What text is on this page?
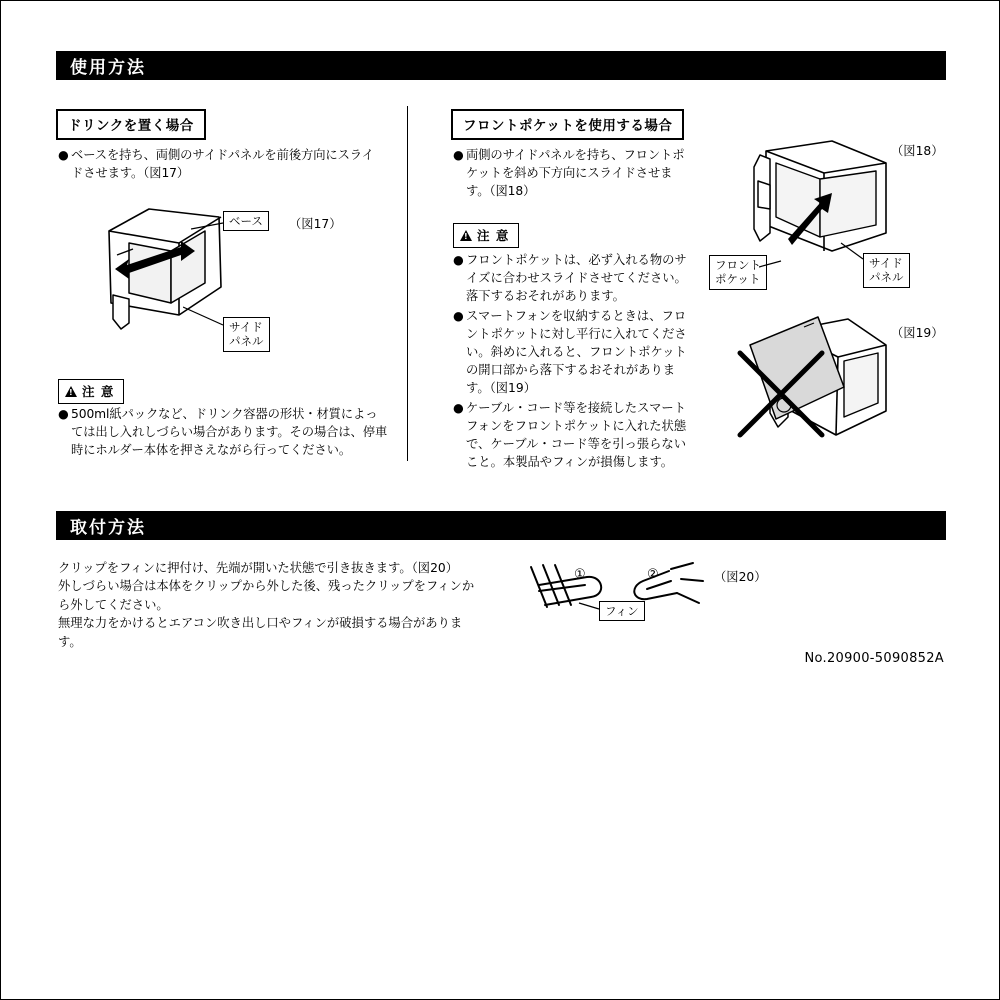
使用方法
ドリンクを置く場合
● ベースを持ち、両側のサイドパネルを前後方向にスライドさせます。（図17）
（図17）
ベース
サイド
パネル
!
注 意
● 500ml紙パックなど、ドリンク容器の形状・材質によっては出し入れしづらい場合があります。その場合は、停車時にホルダー本体を押さえながら行ってください。
フロントポケットを使用する場合
● 両側のサイドパネルを持ち、フロントポケットを斜め下方向にスライドさせます。（図18）
!
注 意
● フロントポケットは、必ず入れる物のサイズに合わせスライドさせてください。落下するおそれがあります。
● スマートフォンを収納するときは、フロントポケットに対し平行に入れてください。斜めに入れると、フロントポケットの開口部から落下するおそれがあります。（図19）
● ケーブル・コード等を接続したスマートフォンをフロントポケットに入れた状態で、ケーブル・コード等を引っ張らないこと。本製品やフィンが損傷します。
（図18）
フロント
ポケット
サイド
パネル
（図19）
取付方法
クリップをフィンに押付け、先端が開いた状態で引き抜きます。（図20）
外しづらい場合は本体をクリップから外した後、残ったクリップをフィンから外してください。
無理な力をかけるとエアコン吹き出し口やフィンが破損する場合があります。
①	②
フィン
（図20）
No.20900-5090852A
